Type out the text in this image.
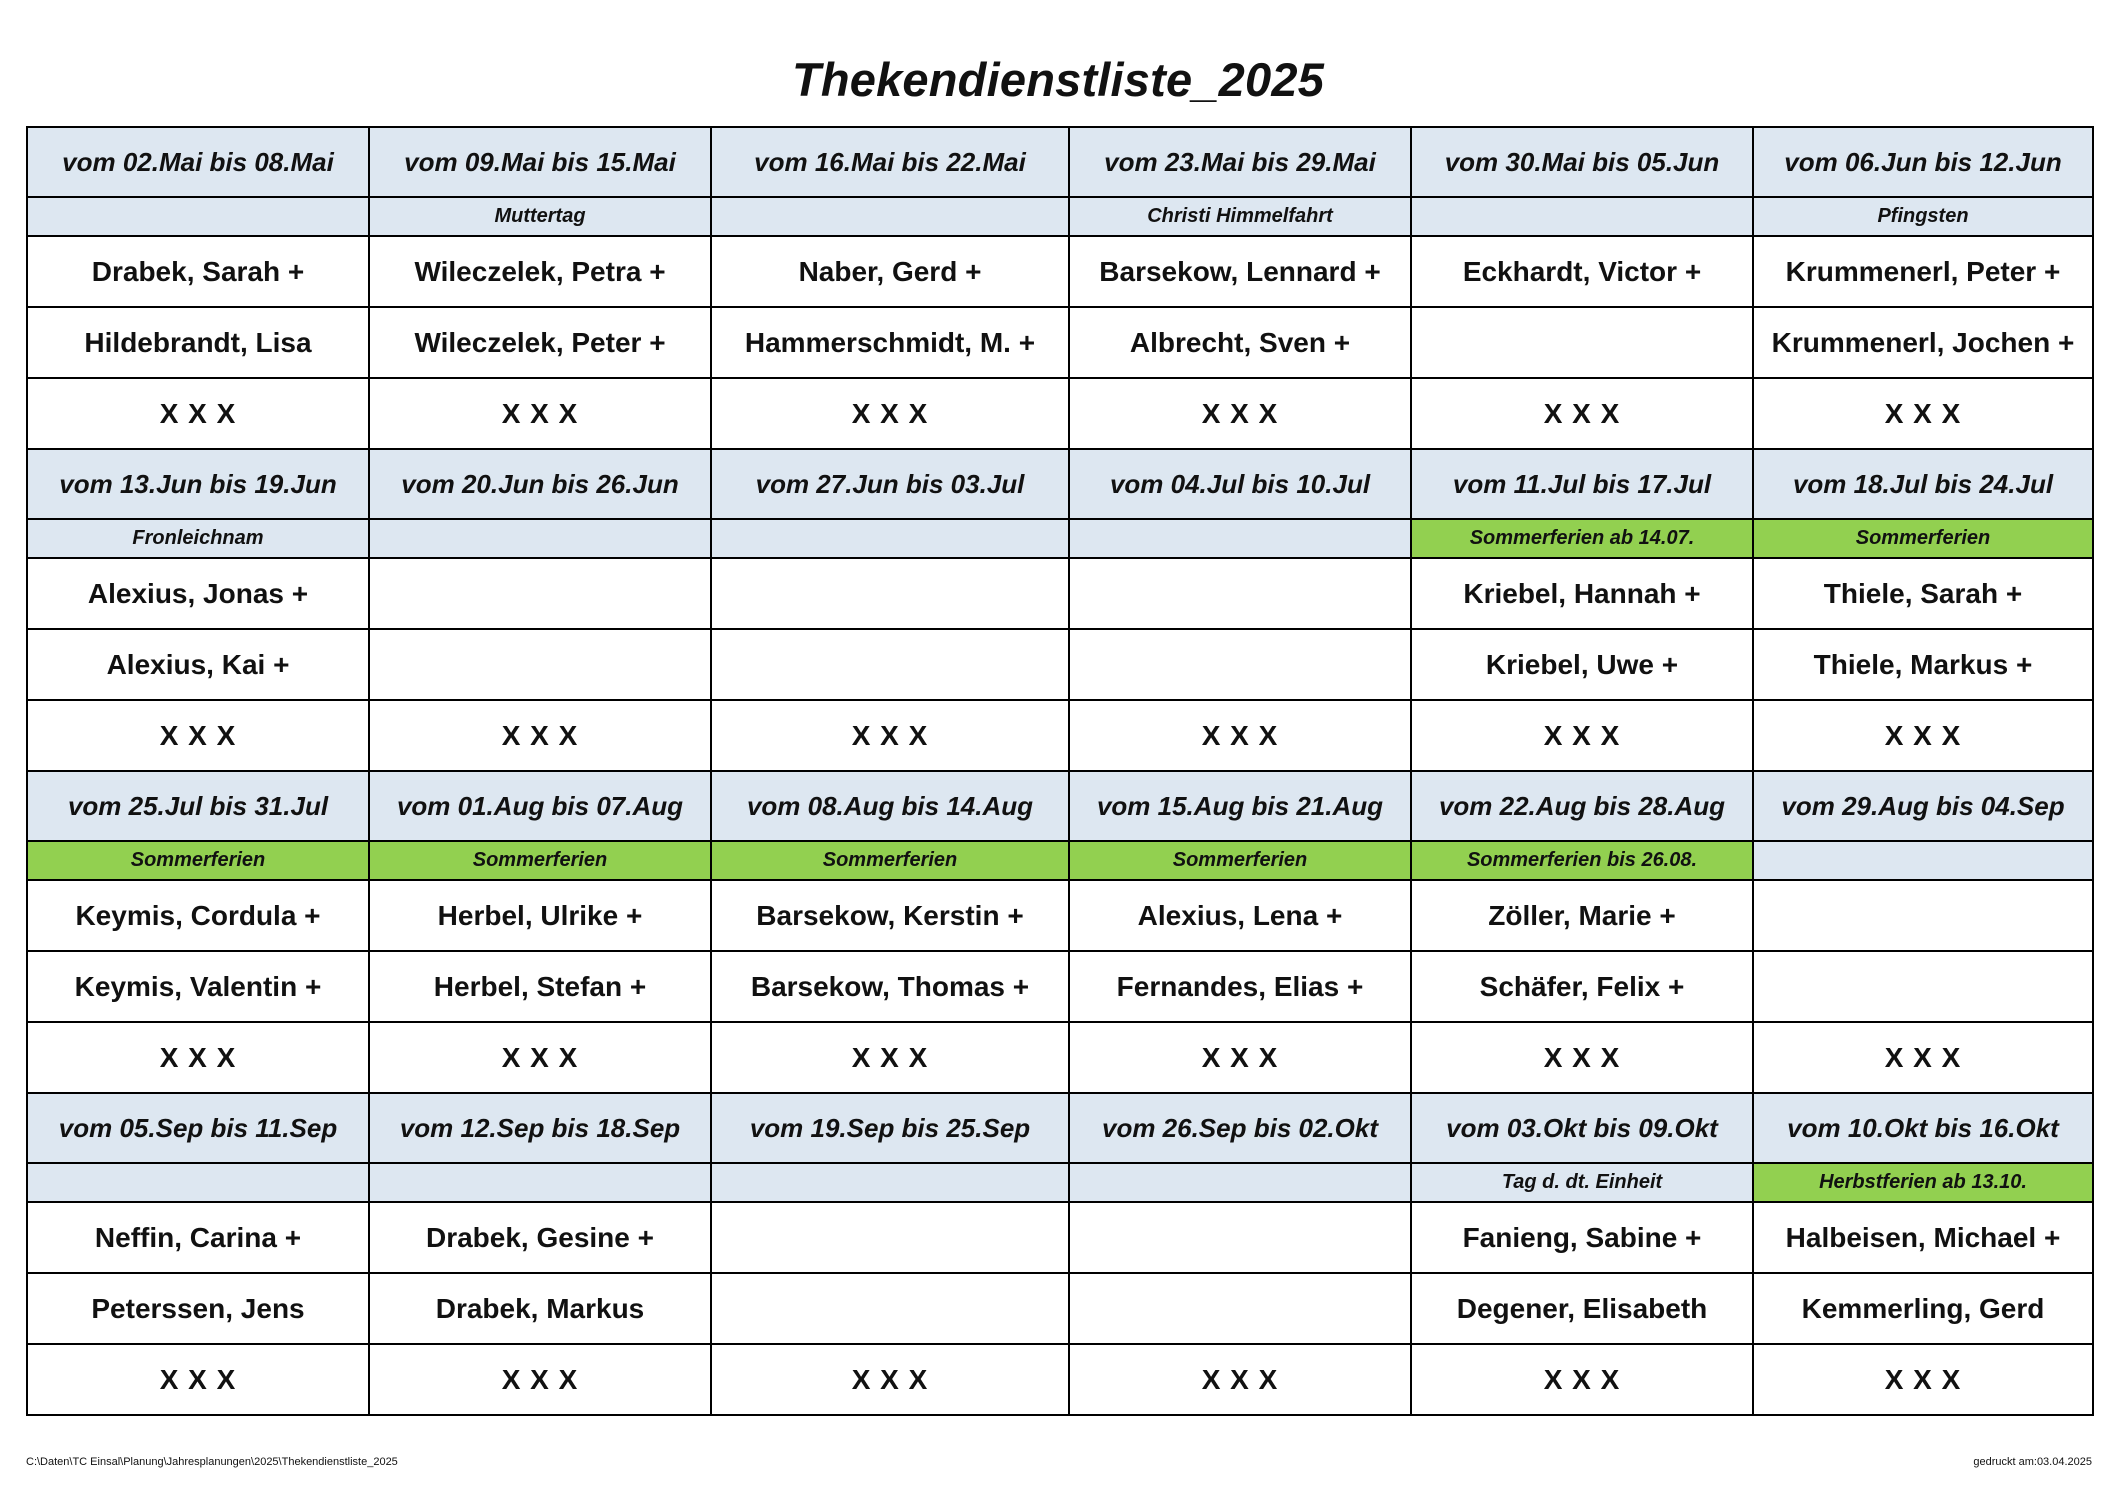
Thekendienstliste_2025
vom 02.Mai bis 08.Mai	vom 09.Mai bis 15.Mai	vom 16.Mai bis 22.Mai	vom 23.Mai bis 29.Mai	vom 30.Mai bis 05.Jun	vom 06.Jun bis 12.Jun
	Muttertag		Christi Himmelfahrt		Pfingsten
Drabek, Sarah +	Wileczelek, Petra +	Naber, Gerd +	Barsekow, Lennard +	Eckhardt, Victor +	Krummenerl, Peter +
Hildebrandt, Lisa	Wileczelek, Peter +	Hammerschmidt, M. +	Albrecht, Sven +		Krummenerl, Jochen +
X X X	X X X	X X X	X X X	X X X	X X X
vom 13.Jun bis 19.Jun	vom 20.Jun bis 26.Jun	vom 27.Jun bis 03.Jul	vom 04.Jul bis 10.Jul	vom 11.Jul bis 17.Jul	vom 18.Jul bis 24.Jul
Fronleichnam				Sommerferien ab 14.07.	Sommerferien
Alexius, Jonas +				Kriebel, Hannah +	Thiele, Sarah +
Alexius, Kai +				Kriebel, Uwe +	Thiele, Markus +
X X X	X X X	X X X	X X X	X X X	X X X
vom 25.Jul bis 31.Jul	vom 01.Aug bis 07.Aug	vom 08.Aug bis 14.Aug	vom 15.Aug bis 21.Aug	vom 22.Aug bis 28.Aug	vom 29.Aug bis 04.Sep
Sommerferien	Sommerferien	Sommerferien	Sommerferien	Sommerferien bis 26.08.	
Keymis, Cordula +	Herbel, Ulrike +	Barsekow, Kerstin +	Alexius, Lena +	Zöller, Marie +	
Keymis, Valentin +	Herbel, Stefan +	Barsekow, Thomas +	Fernandes, Elias +	Schäfer, Felix +	
X X X	X X X	X X X	X X X	X X X	X X X
vom 05.Sep bis 11.Sep	vom 12.Sep bis 18.Sep	vom 19.Sep bis 25.Sep	vom 26.Sep bis 02.Okt	vom 03.Okt bis 09.Okt	vom 10.Okt bis 16.Okt
				Tag d. dt. Einheit	Herbstferien ab 13.10.
Neffin, Carina +	Drabek, Gesine +			Fanieng, Sabine +	Halbeisen, Michael +
Peterssen, Jens	Drabek, Markus			Degener, Elisabeth	Kemmerling, Gerd
X X X	X X X	X X X	X X X	X X X	X X X
C:\Daten\TC Einsal\Planung\Jahresplanungen\2025\Thekendienstliste_2025	gedruckt am:03.04.2025
